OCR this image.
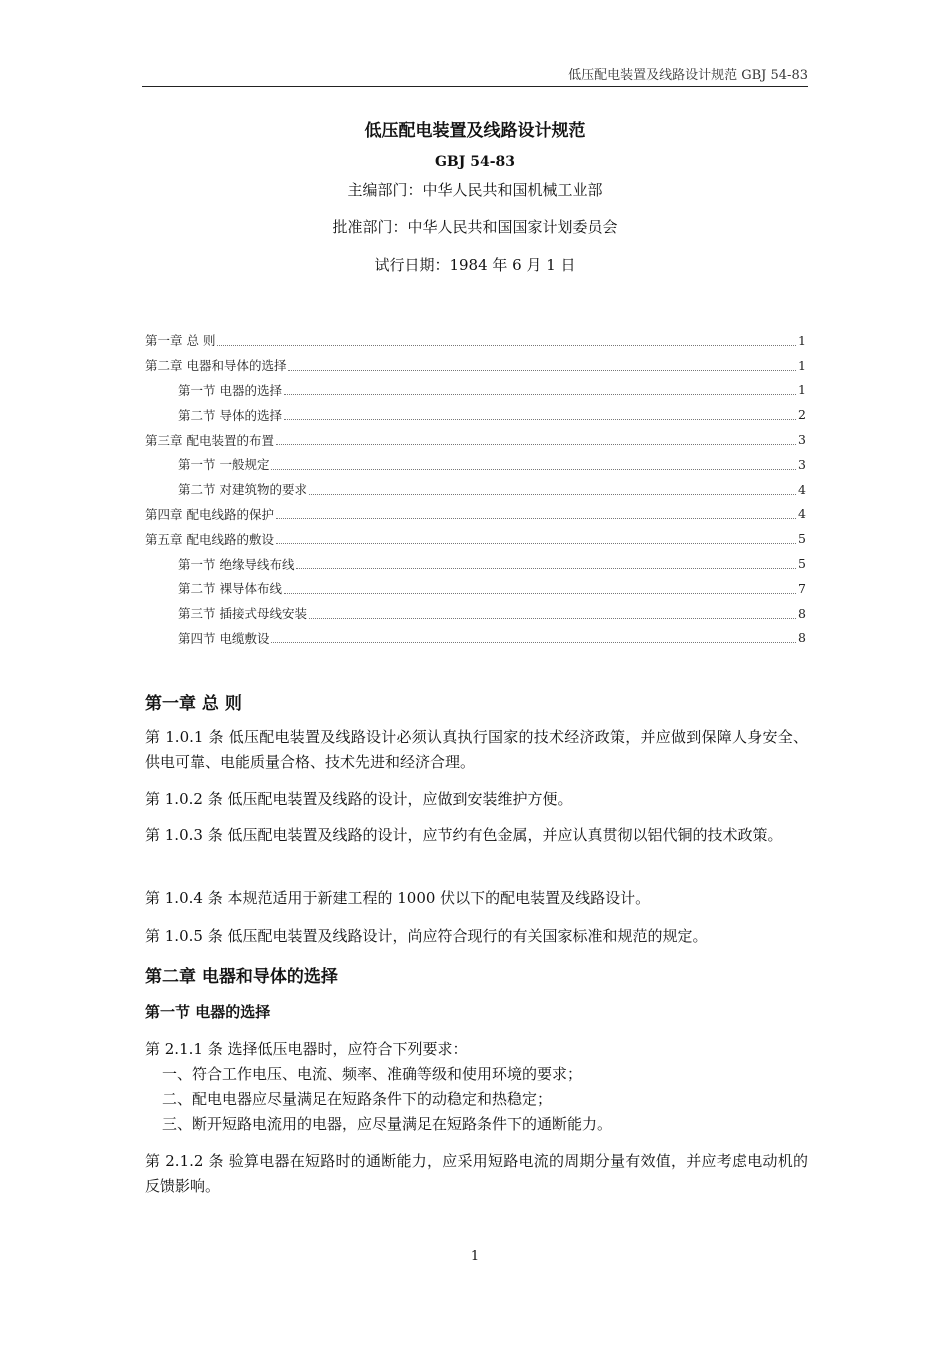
低压配电装置及线路设计规范 GBJ 54-83
低压配电装置及线路设计规范
GBJ 54-83
主编部门：中华人民共和国机械工业部
批准部门：中华人民共和国国家计划委员会
试行日期：1984 年 6 月 1 日
第一章 总 则	1
第二章 电器和导体的选择	1
第一节 电器的选择	1
第二节 导体的选择	2
第三章 配电装置的布置	3
第一节 一般规定	3
第二节 对建筑物的要求	4
第四章 配电线路的保护	4
第五章 配电线路的敷设	5
第一节 绝缘导线布线	5
第二节 裸导体布线	7
第三节 插接式母线安装	8
第四节 电缆敷设	8
第一章 总 则
第 1.0.1 条 低压配电装置及线路设计必须认真执行国家的技术经济政策，并应做到保障人身安全、供电可靠、电能质量合格、技术先进和经济合理。
第 1.0.2 条 低压配电装置及线路的设计，应做到安装维护方便。
第 1.0.3 条 低压配电装置及线路的设计，应节约有色金属，并应认真贯彻以铝代铜的技术政策。
第 1.0.4 条 本规范适用于新建工程的 1000 伏以下的配电装置及线路设计。
第 1.0.5 条 低压配电装置及线路设计，尚应符合现行的有关国家标准和规范的规定。
第二章 电器和导体的选择
第一节 电器的选择
第 2.1.1 条 选择低压电器时，应符合下列要求：
一、符合工作电压、电流、频率、准确等级和使用环境的要求；
二、配电电器应尽量满足在短路条件下的动稳定和热稳定；
三、断开短路电流用的电器，应尽量满足在短路条件下的通断能力。
第 2.1.2 条 验算电器在短路时的通断能力，应采用短路电流的周期分量有效值，并应考虑电动机的反馈影响。
1
